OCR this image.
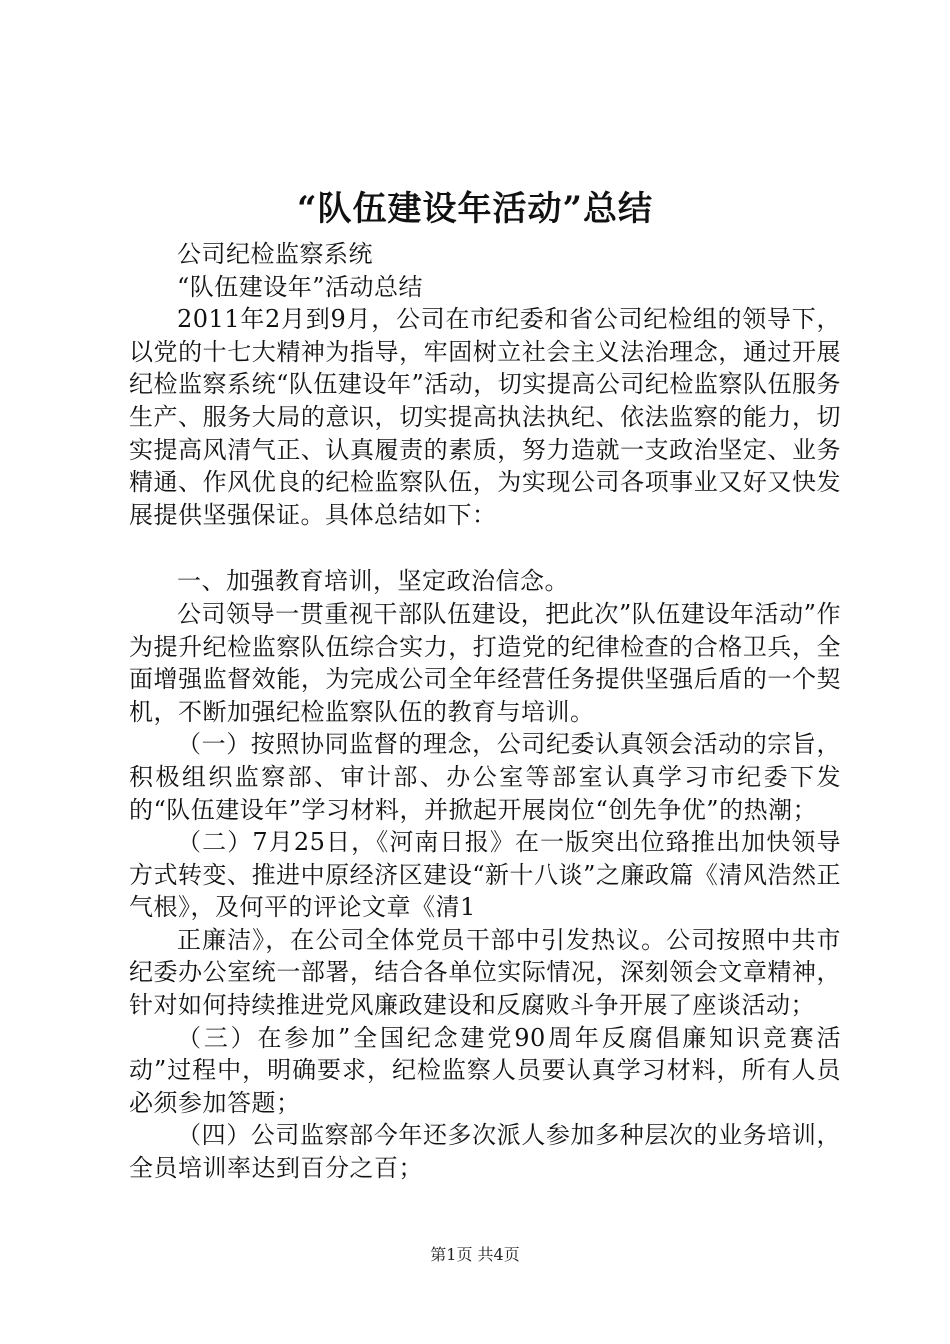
“队伍建设年活动”总结

公司纪检监察系统

“队伍建设年”活动总结

2011年2月到9月，公司在市纪委和省公司纪检组的领导下，以党的十七大精神为指导，牢固树立社会主义法治理念，通过开展纪检监察系统“队伍建设年”活动，切实提高公司纪检监察队伍服务生产、服务大局的意识，切实提高执法执纪、依法监察的能力，切实提高风清气正、认真履责的素质，努力造就一支政治坚定、业务精通、作风优良的纪检监察队伍，为实现公司各项事业又好又快发展提供坚强保证。具体总结如下：

一、加强教育培训，坚定政治信念。

公司领导一贯重视干部队伍建设，把此次”队伍建设年活动”作为提升纪检监察队伍综合实力，打造党的纪律检查的合格卫兵，全面增强监督效能，为完成公司全年经营任务提供坚强后盾的一个契机，不断加强纪检监察队伍的教育与培训。

（一）按照协同监督的理念，公司纪委认真领会活动的宗旨，积极组织监察部、审计部、办公室等部室认真学习市纪委下发的“队伍建设年”学习材料，并掀起开展岗位“创先争优”的热潮；

（二）7月25日，《河南日报》在一版突出位臵推出加快领导方式转变、推进中原经济区建设“新十八谈”之廉政篇《清风浩然正气根》，及何平的评论文章《清1

正廉洁》，在公司全体党员干部中引发热议。公司按照中共市纪委办公室统一部署，结合各单位实际情况，深刻领会文章精神，针对如何持续推进党风廉政建设和反腐败斗争开展了座谈活动；

（三）在参加”全国纪念建党90周年反腐倡廉知识竞赛活动”过程中，明确要求，纪检监察人员要认真学习材料，所有人员必须参加答题；

（四）公司监察部今年还多次派人参加多种层次的业务培训，全员培训率达到百分之百；

第1页 共4页
